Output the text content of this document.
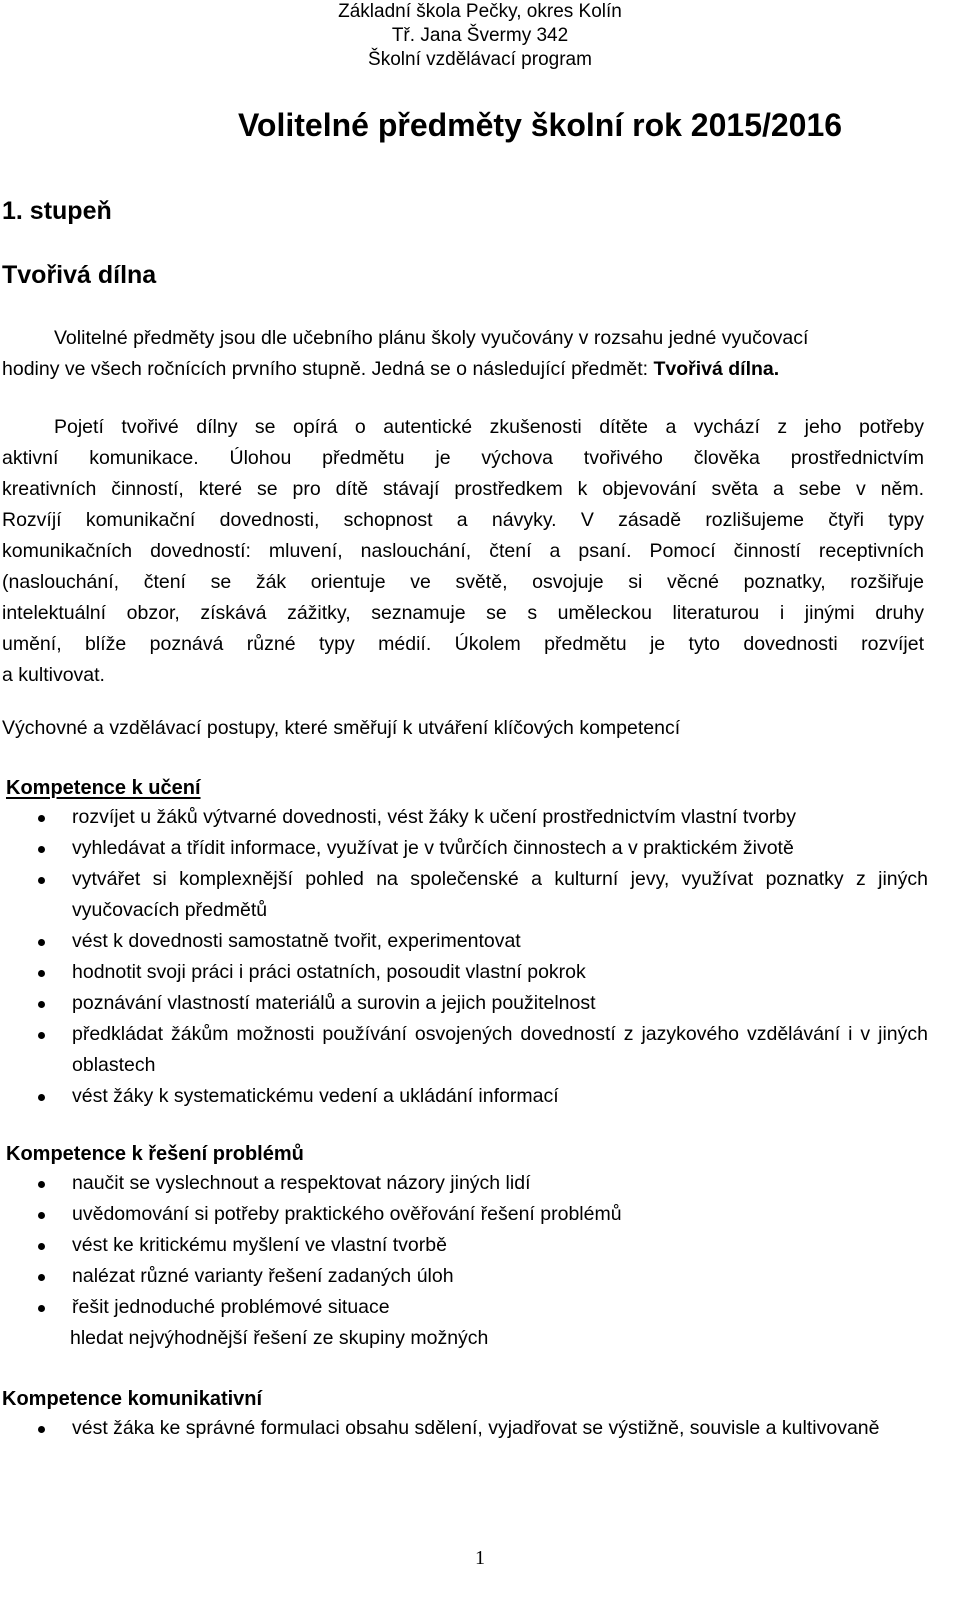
Základní škola Pečky, okres Kolín
Tř. Jana Švermy 342
Školní vzdělávací program
Volitelné předměty školní rok 2015/2016
1. stupeň
Tvořivá dílna
Volitelné předměty jsou dle učebního plánu školy vyučovány v rozsahu jedné vyučovací
hodiny ve všech ročnících prvního stupně. Jedná se o následující předmět: Tvořivá dílna.
Pojetí tvořivé dílny se opírá o autentické zkušenosti dítěte a vychází z jeho potřeby
aktivní komunikace. Úlohou předmětu je výchova tvořivého člověka prostřednictvím
kreativních činností, které se pro dítě stávají prostředkem k objevování světa a sebe v něm.
Rozvíjí komunikační dovednosti, schopnost a návyky. V zásadě rozlišujeme čtyři typy
komunikačních dovedností: mluvení, naslouchání, čtení a psaní. Pomocí činností receptivních
(naslouchání, čtení se žák orientuje ve světě, osvojuje si věcné poznatky, rozšiřuje
intelektuální obzor, získává zážitky, seznamuje se s uměleckou literaturou i jinými druhy
umění, blíže poznává různé typy médií. Úkolem předmětu je tyto dovednosti rozvíjet
a kultivovat.
Výchovné a vzdělávací postupy, které směřují k utváření klíčových kompetencí
Kompetence k učení
rozvíjet u žáků výtvarné dovednosti, vést žáky k učení prostřednictvím vlastní tvorby
vyhledávat a třídit informace, využívat je v tvůrčích činnostech a v praktickém životě
vytvářet si komplexnější pohled na společenské a kulturní jevy, využívat poznatky z jiných vyučovacích předmětů
vést k dovednosti samostatně tvořit, experimentovat
hodnotit svoji práci i práci ostatních, posoudit vlastní pokrok
poznávání vlastností materiálů a surovin a jejich použitelnost
předkládat žákům možnosti používání osvojených dovedností z jazykového vzdělávání i v jiných oblastech
vést žáky k systematickému vedení a ukládání informací
Kompetence k řešení problémů
naučit se vyslechnout a respektovat názory jiných lidí
uvědomování si potřeby praktického ověřování řešení problémů
vést ke kritickému myšlení ve vlastní tvorbě
nalézat různé varianty řešení zadaných úloh
řešit jednoduché problémové situace
hledat nejvýhodnější řešení ze skupiny možných
Kompetence komunikativní
vést žáka ke správné formulaci obsahu sdělení, vyjadřovat se výstižně, souvisle a kultivovaně
1
